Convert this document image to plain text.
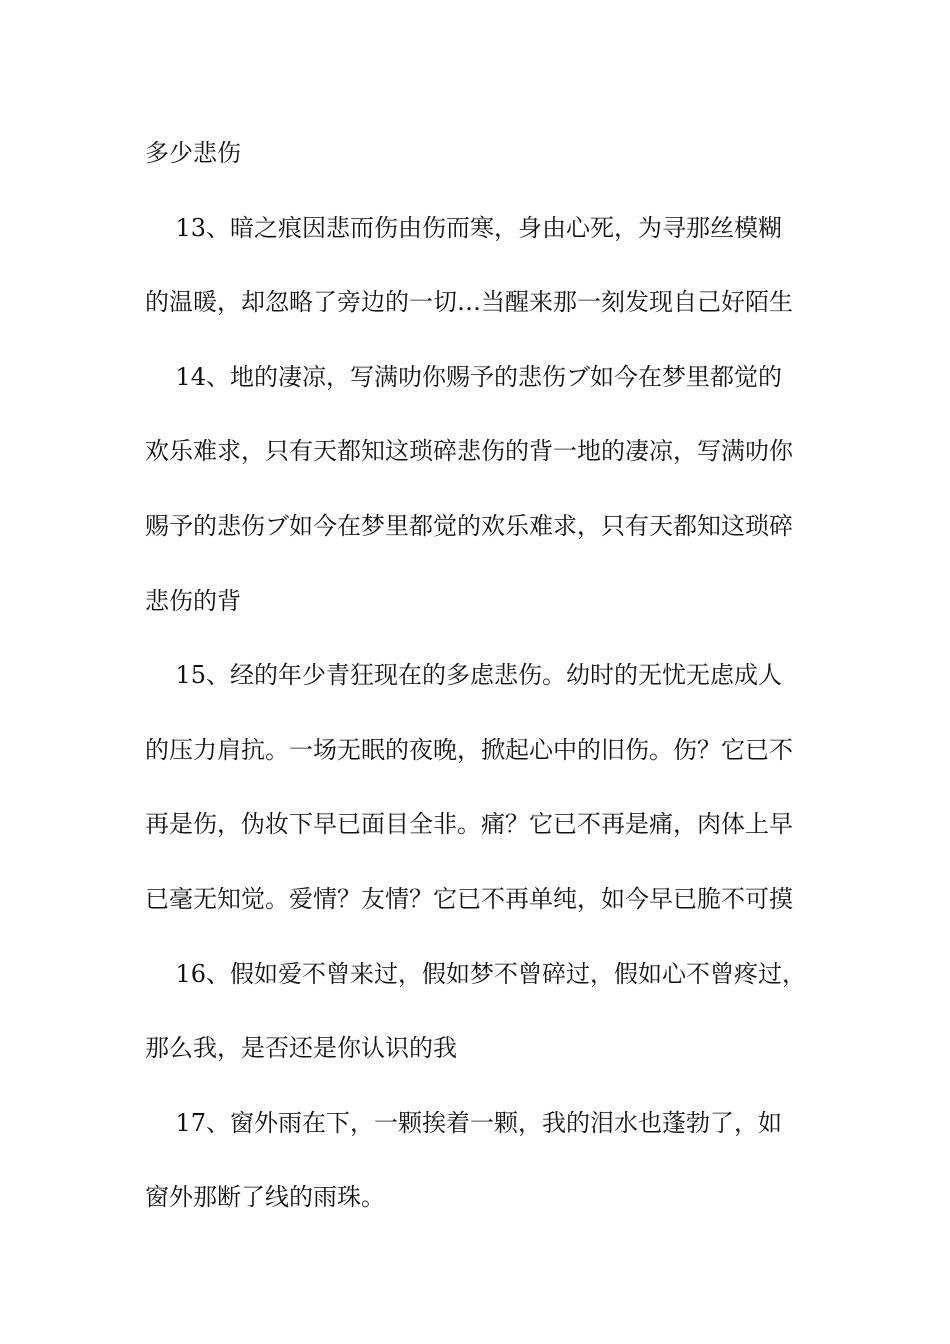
多少悲伤
13、暗之痕因悲而伤由伤而寒，身由心死，为寻那丝模糊
的温暖，却忽略了旁边的一切…当醒来那一刻发现自己好陌生
14、地的凄凉，写满叻你赐予的悲伤ブ如今在梦里都觉的
欢乐难求，只有天都知这琐碎悲伤的背一地的凄凉，写满叻你
赐予的悲伤ブ如今在梦里都觉的欢乐难求，只有天都知这琐碎
悲伤的背
15、经的年少青狂现在的多虑悲伤。幼时的无忧无虑成人
的压力肩抗。一场无眠的夜晚，掀起心中的旧伤。伤？它已不
再是伤，伪妆下早已面目全非。痛？它已不再是痛，肉体上早
已毫无知觉。爱情？友情？它已不再单纯，如今早已脆不可摸
16、假如爱不曾来过，假如梦不曾碎过，假如心不曾疼过，
那么我，是否还是你认识的我
17、窗外雨在下，一颗挨着一颗，我的泪水也蓬勃了，如
窗外那断了线的雨珠。
